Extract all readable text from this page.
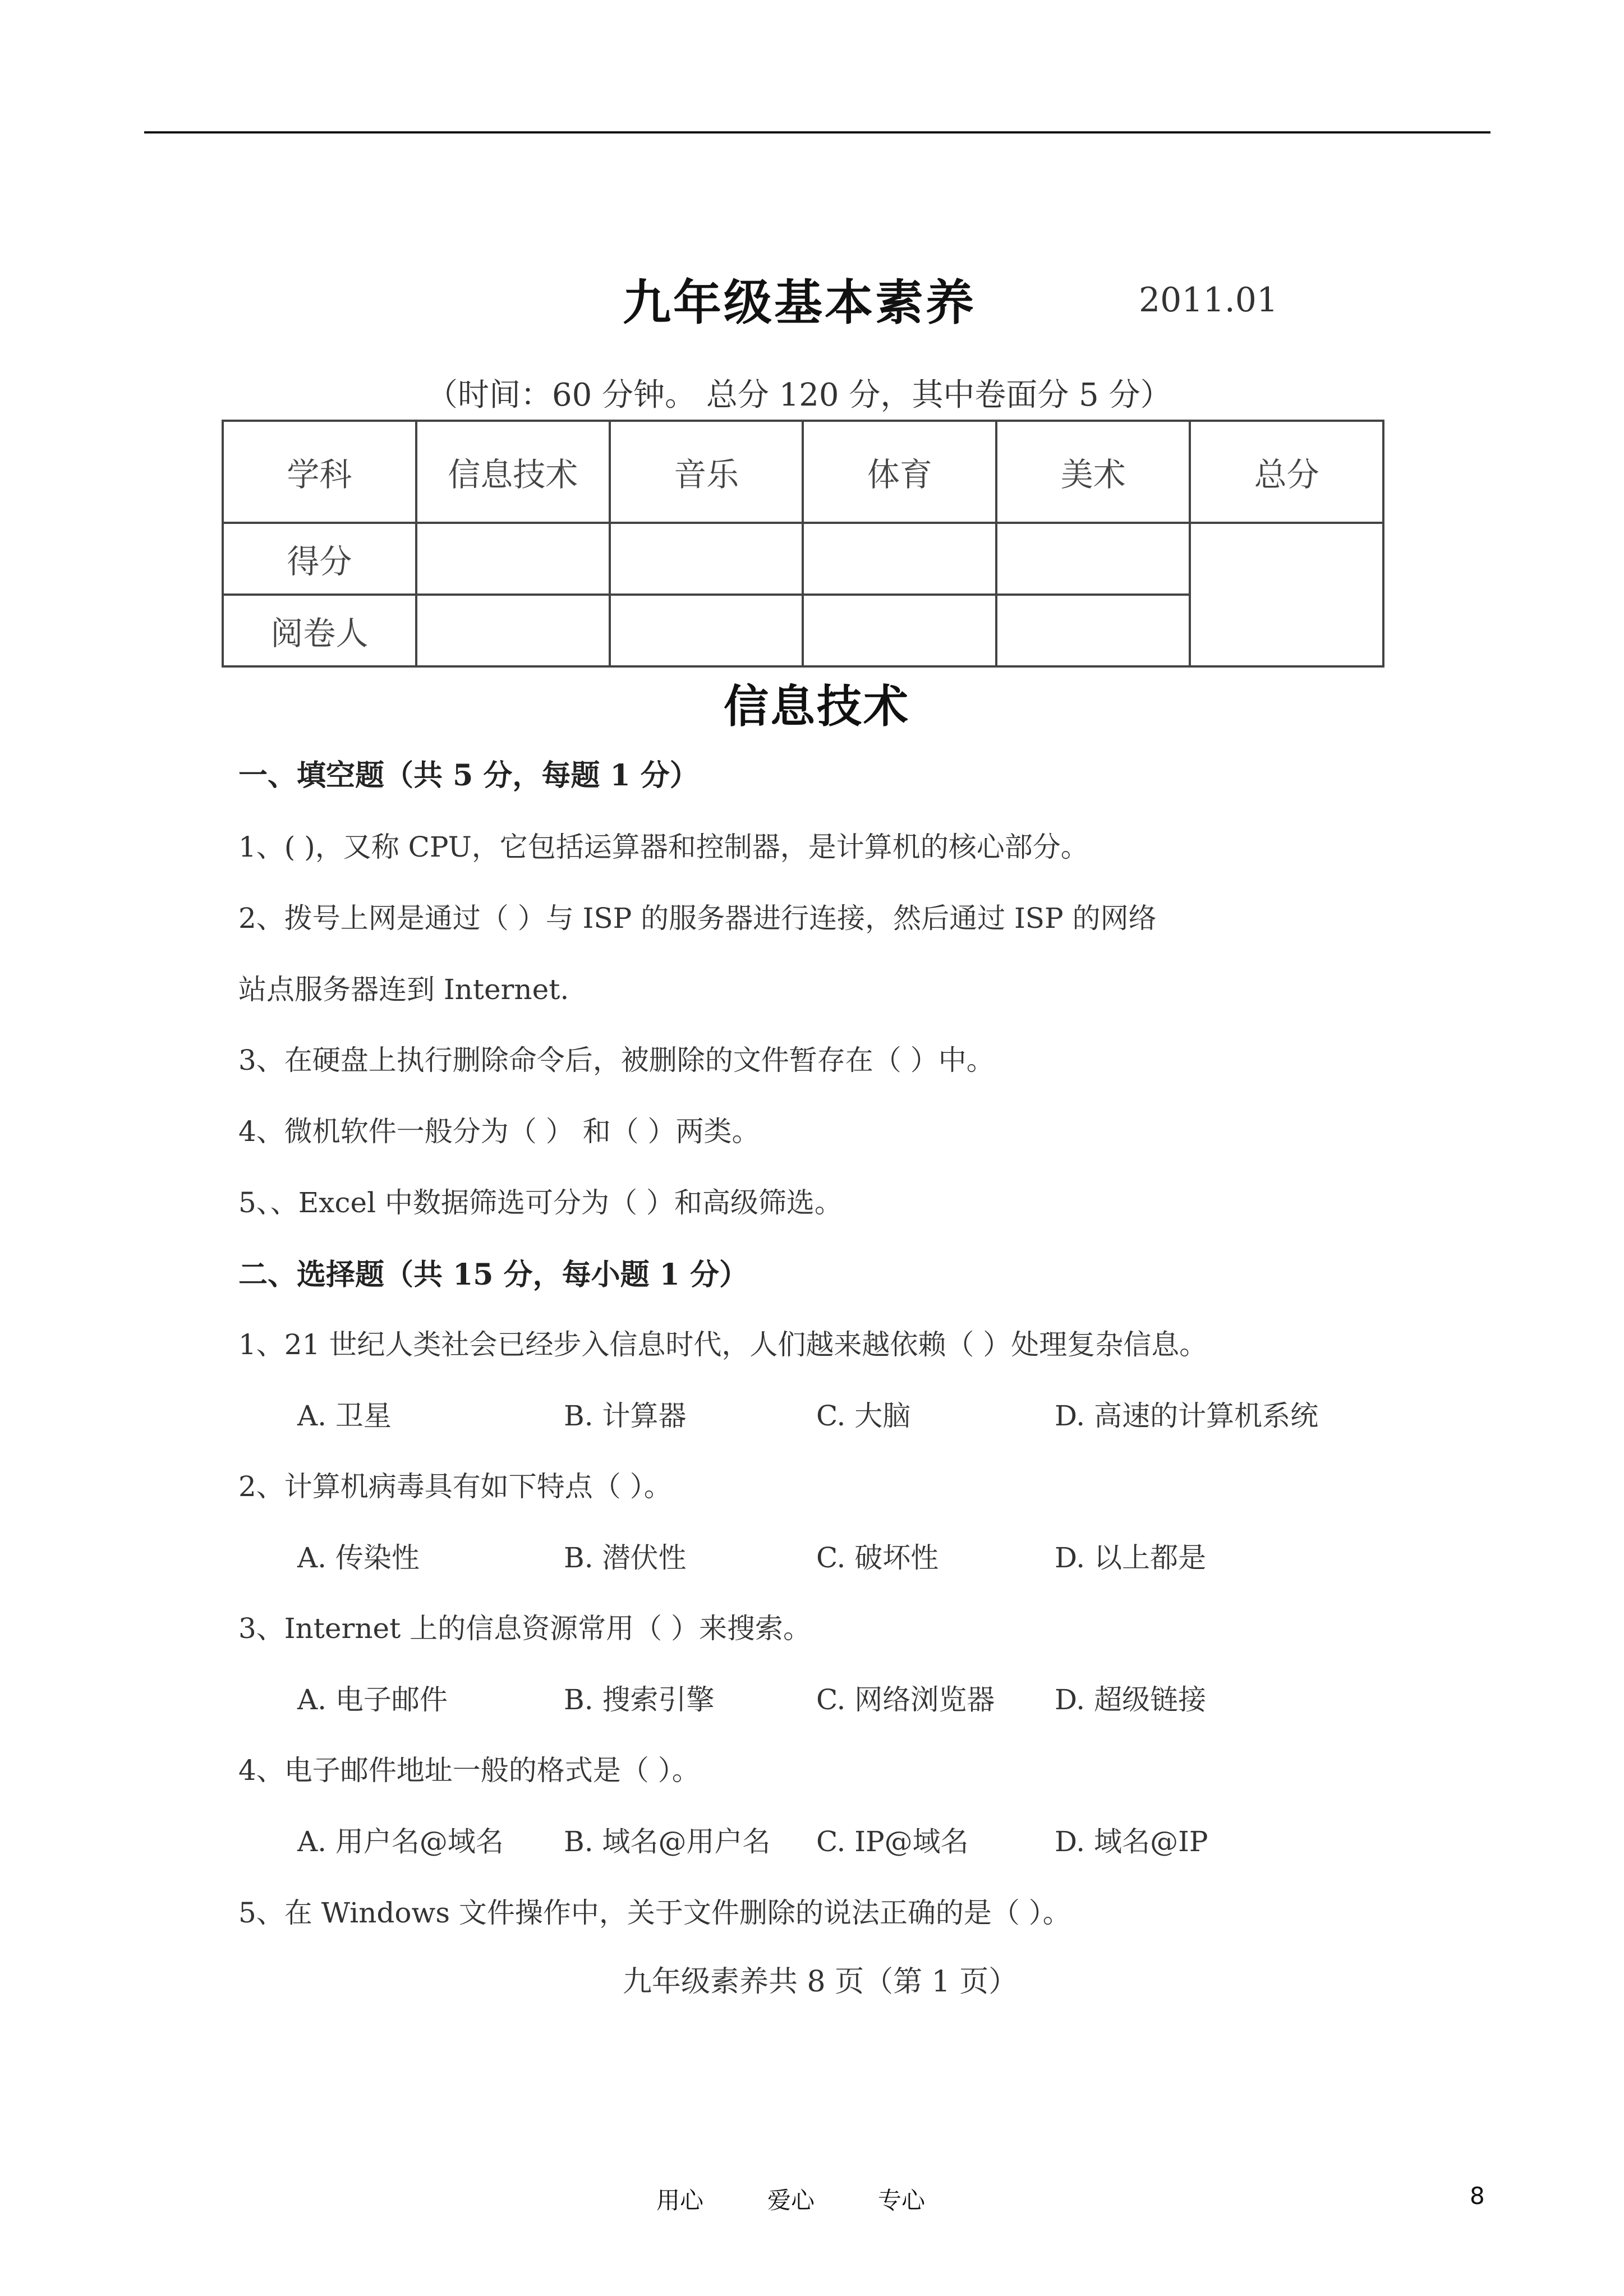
九年级基本素养	2011.01
（时间：60 分钟。 总分 120 分，其中卷面分 5 分）
学科	信息技术	音乐	体育	美术	总分
得分					
阅卷人					
信息技术
一、填空题（共 5 分，每题 1 分）
1、( )，又称 CPU，它包括运算器和控制器，是计算机的核心部分。
2、拨号上网是通过（ ）与 ISP 的服务器进行连接，然后通过 ISP 的网络
站点服务器连到 Internet.
3、在硬盘上执行删除命令后，被删除的文件暂存在（ ）中。
4、微机软件一般分为（ ） 和（ ）两类。
5、、Excel 中数据筛选可分为（ ）和高级筛选。
二、选择题（共 15 分，每小题 1 分）
1、21 世纪人类社会已经步入信息时代，人们越来越依赖（ ）处理复杂信息。
A. 卫星	B. 计算器	C. 大脑	D. 高速的计算机系统
2、计算机病毒具有如下特点（ ）。
A. 传染性	B. 潜伏性	C. 破坏性	D. 以上都是
3、Internet 上的信息资源常用（ ）来搜索。
A. 电子邮件	B. 搜索引擎	C. 网络浏览器 D. 超级链接
4、电子邮件地址一般的格式是（ ）。
A. 用户名@域名 B. 域名@用户名 C. IP@域名	D. 域名@IP
5、在 Windows 文件操作中，关于文件删除的说法正确的是（ ）。
九年级素养共 8 页（第 1 页）
用心	爱心	专心	8
